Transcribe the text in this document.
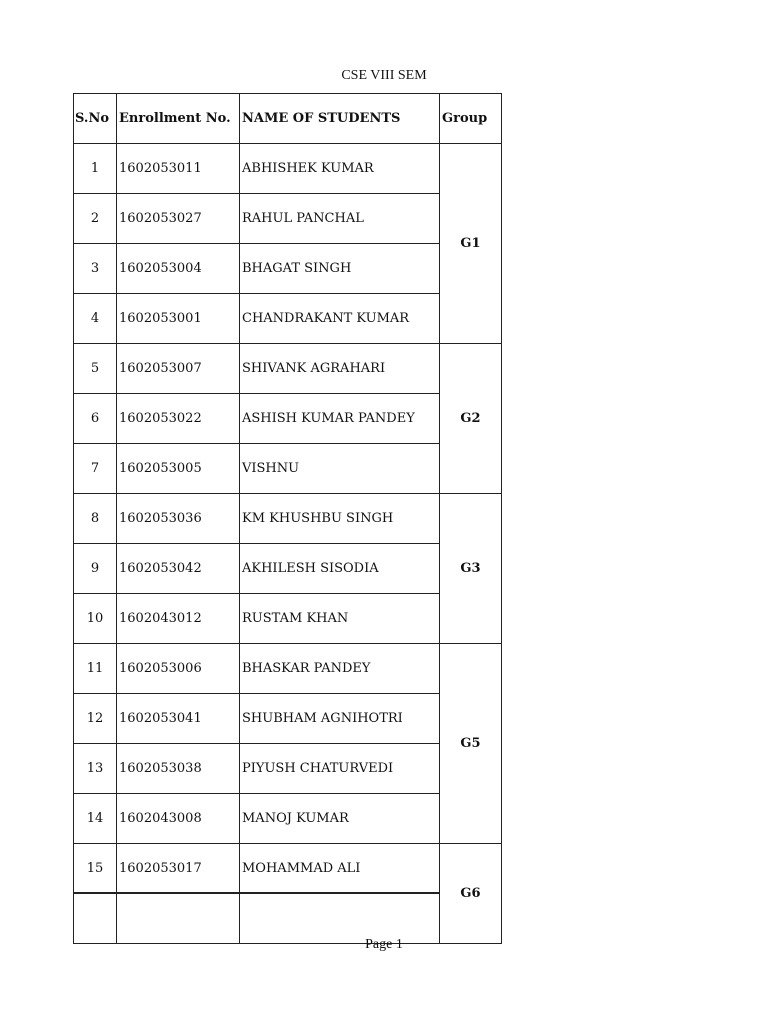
CSE VIII SEM
S.No	Enrollment No.	NAME OF STUDENTS	Group
1	1602053011	ABHISHEK KUMAR	G1
2	1602053027	RAHUL PANCHAL	
3	1602053004	BHAGAT SINGH	
4	1602053001	CHANDRAKANT KUMAR	
5	1602053007	SHIVANK AGRAHARI	G2
6	1602053022	ASHISH KUMAR PANDEY	
7	1602053005	VISHNU	
8	1602053036	KM KHUSHBU SINGH	G3
9	1602053042	AKHILESH SISODIA	
10	1602043012	RUSTAM KHAN	
11	1602053006	BHASKAR PANDEY	G5
12	1602053041	SHUBHAM AGNIHOTRI	
13	1602053038	PIYUSH CHATURVEDI	
14	1602043008	MANOJ KUMAR	
15	1602053017	MOHAMMAD ALI	G6

Page 1
